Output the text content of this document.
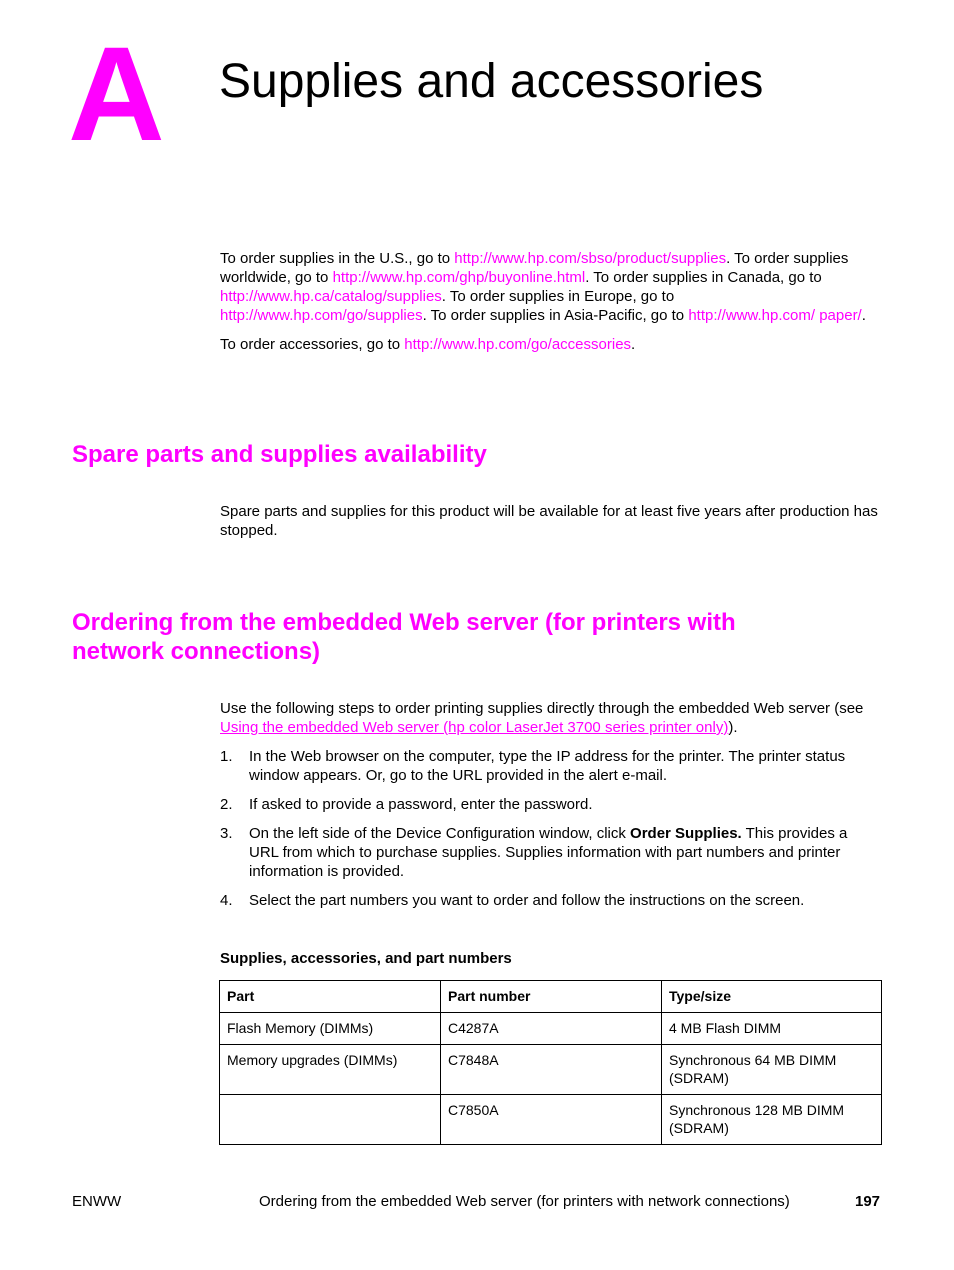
A Supplies and accessories

To order supplies in the U.S., go to http://www.hp.com/sbso/product/supplies. To order supplies worldwide, go to http://www.hp.com/ghp/buyonline.html. To order supplies in Canada, go to http://www.hp.ca/catalog/supplies. To order supplies in Europe, go to http://www.hp.com/go/supplies. To order supplies in Asia-Pacific, go to http://www.hp.com/ paper/.

To order accessories, go to http://www.hp.com/go/accessories.

Spare parts and supplies availability

Spare parts and supplies for this product will be available for at least five years after production has stopped.

Ordering from the embedded Web server (for printers with network connections)

Use the following steps to order printing supplies directly through the embedded Web server (see Using the embedded Web server (hp color LaserJet 3700 series printer only)).

1. In the Web browser on the computer, type the IP address for the printer. The printer status window appears. Or, go to the URL provided in the alert e-mail.
2. If asked to provide a password, enter the password.
3. On the left side of the Device Configuration window, click Order Supplies. This provides a URL from which to purchase supplies. Supplies information with part numbers and printer information is provided.
4. Select the part numbers you want to order and follow the instructions on the screen.
Supplies, accessories, and part numbers
Part	Part number	Type/size
Flash Memory (DIMMs)	C4287A	4 MB Flash DIMM
Memory upgrades (DIMMs)	C7848A	Synchronous 64 MB DIMM (SDRAM)
	C7850A	Synchronous 128 MB DIMM (SDRAM)
ENWW	Ordering from the embedded Web server (for printers with network connections)	197
